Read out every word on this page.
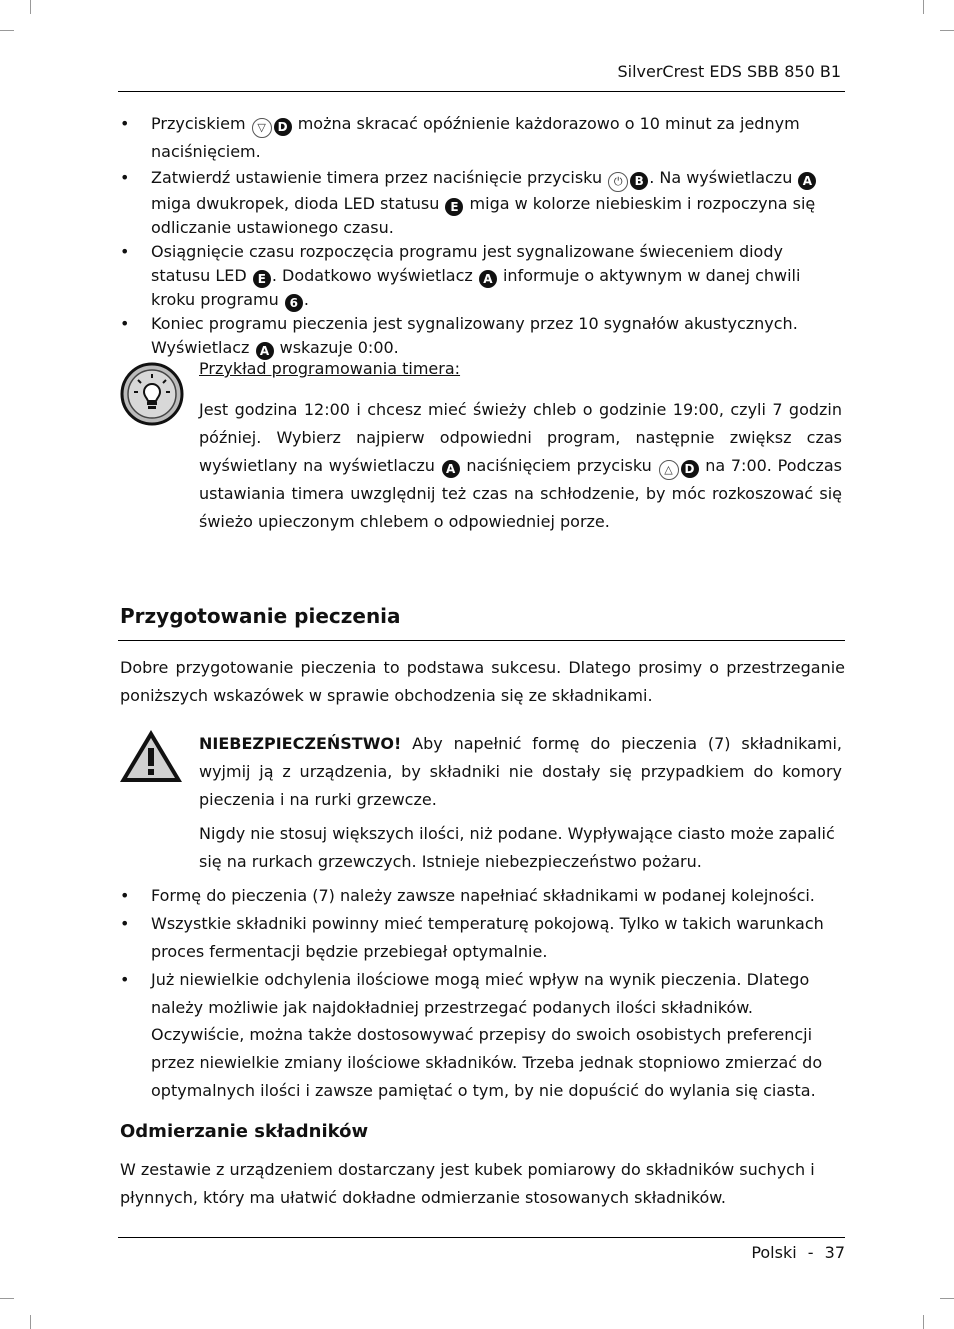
SilverCrest EDS SBB 850 B1
• Przyciskiem ▽ D można skracać opóźnienie każdorazowo o 10 minut za jednym naciśnięciem.
• Zatwierdź ustawienie timera przez naciśnięcie przycisku ⏻ B . Na wyświetlaczu A miga dwukropek, dioda LED statusu E miga w kolorze niebieskim i rozpoczyna się odliczanie ustawionego czasu.
• Osiągnięcie czasu rozpoczęcia programu jest sygnalizowane świeceniem diody statusu LED E . Dodatkowo wyświetlacz A informuje o aktywnym w danej chwili kroku programu 6 .
• Koniec programu pieczenia jest sygnalizowany przez 10 sygnałów akustycznych. Wyświetlacz A wskazuje 0:00.
Przykład programowania timera:
Jest godzina 12:00 i chcesz mieć świeży chleb o godzinie 19:00, czyli 7 godzin później. Wybierz najpierw odpowiedni program, następnie zwiększ czas wyświetlany na wyświetlaczu A naciśnięciem przycisku △ D na 7:00. Podczas ustawiania timera uwzględnij też czas na schłodzenie, by móc rozkoszować się świeżo upieczonym chlebem o odpowiedniej porze.
Przygotowanie pieczenia
Dobre przygotowanie pieczenia to podstawa sukcesu. Dlatego prosimy o przestrzeganie poniższych wskazówek w sprawie obchodzenia się ze składnikami.
NIEBEZPIECZEŃSTWO! Aby napełnić formę do pieczenia (7) składnikami, wyjmij ją z urządzenia, by składniki nie dostały się przypadkiem do komory pieczenia i na rurki grzewcze.
Nigdy nie stosuj większych ilości, niż podane. Wypływające ciasto może zapalić się na rurkach grzewczych. Istnieje niebezpieczeństwo pożaru.
• Formę do pieczenia (7) należy zawsze napełniać składnikami w podanej kolejności.
• Wszystkie składniki powinny mieć temperaturę pokojową. Tylko w takich warunkach proces fermentacji będzie przebiegał optymalnie.
• Już niewielkie odchylenia ilościowe mogą mieć wpływ na wynik pieczenia. Dlatego należy możliwie jak najdokładniej przestrzegać podanych ilości składników.
Oczywiście, można także dostosowywać przepisy do swoich osobistych preferencji przez niewielkie zmiany ilościowe składników. Trzeba jednak stopniowo zmierzać do optymalnych ilości i zawsze pamiętać o tym, by nie dopuścić do wylania się ciasta.
Odmierzanie składników
W zestawie z urządzeniem dostarczany jest kubek pomiarowy do składników suchych i płynnych, który ma ułatwić dokładne odmierzanie stosowanych składników.
Polski - 37
